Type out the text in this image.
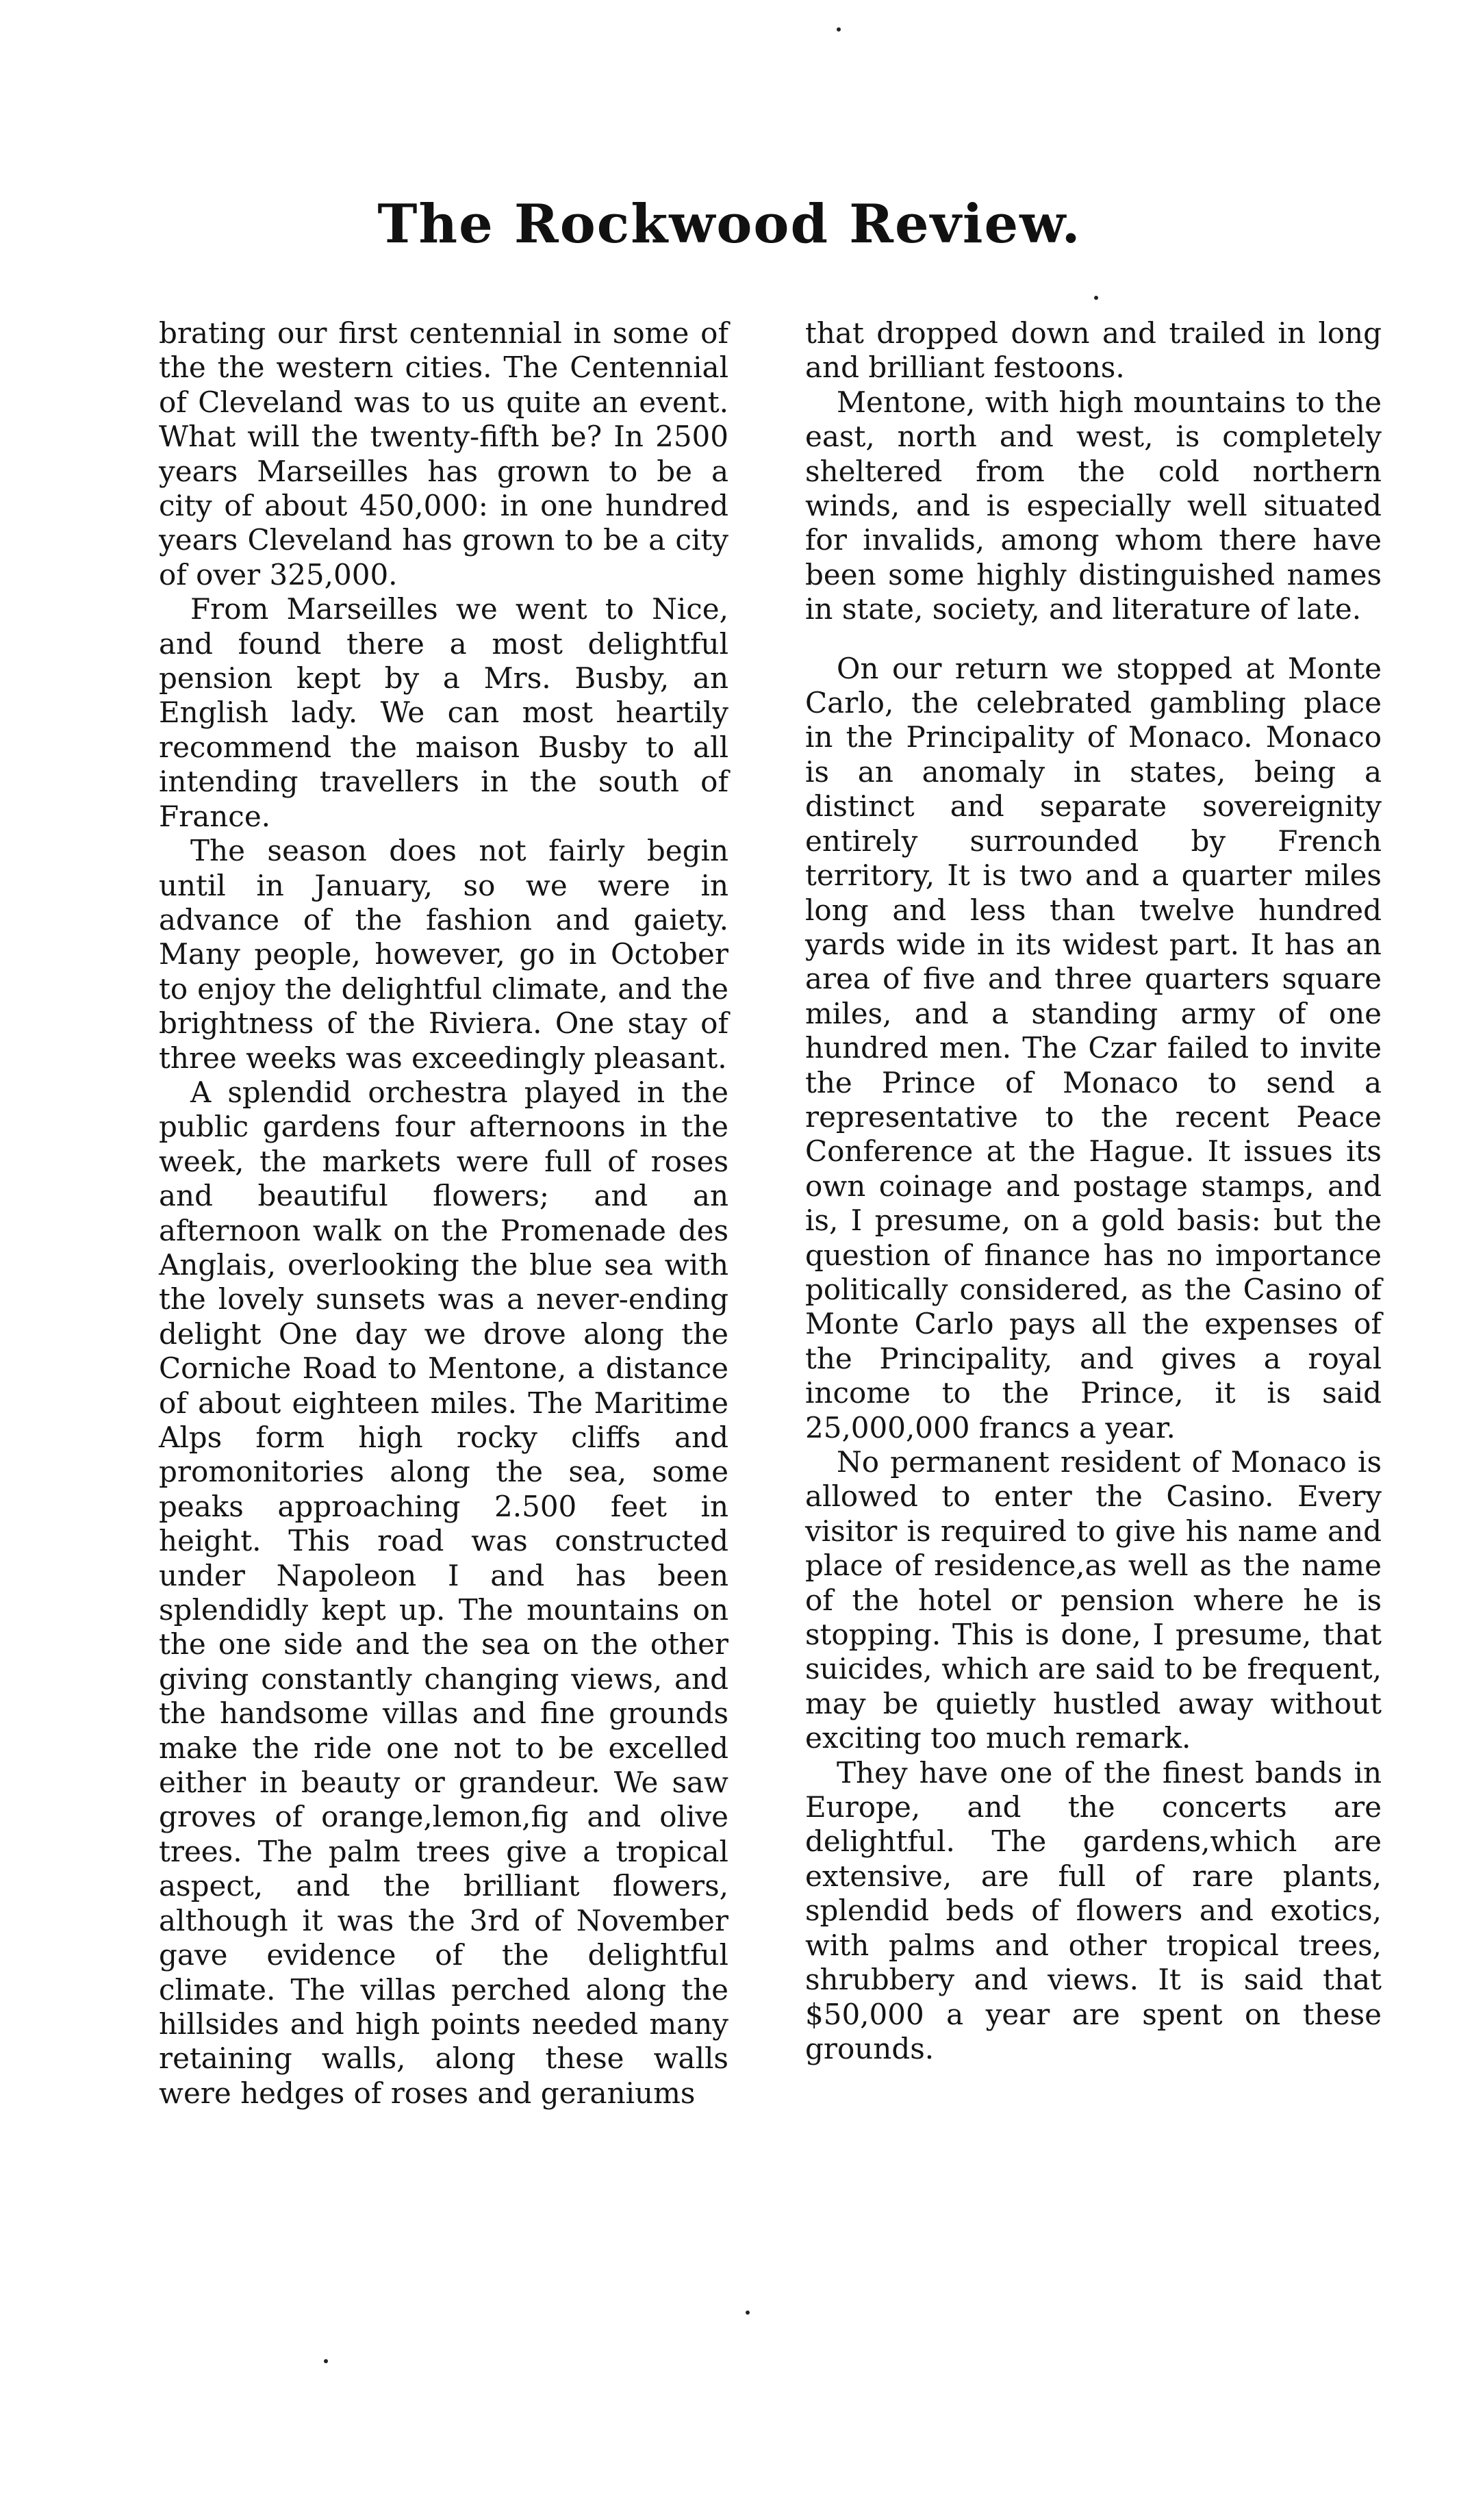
The Rockwood Review.

brating our first centennial in some of the the western cities. The Centennial of Cleveland was to us quite an event. What will the twenty-fifth be? In 2500 years Marseilles has grown to be a city of about 450,000: in one hundred years Cleveland has grown to be a city of over 325,000.

From Marseilles we went to Nice, and found there a most delightful pension kept by a Mrs. Busby, an English lady. We can most heartily recommend the maison Busby to all intending travellers in the south of France.

The season does not fairly begin until in January, so we were in advance of the fashion and gaiety. Many people, however, go in October to enjoy the delightful climate, and the brightness of the Riviera. One stay of three weeks was exceedingly pleasant.

A splendid orchestra played in the public gardens four afternoons in the week, the markets were full of roses and beautiful flowers; and an afternoon walk on the Promenade des Anglais, overlooking the blue sea with the lovely sunsets was a never-ending delight One day we drove along the Corniche Road to Mentone, a distance of about eighteen miles. The Maritime Alps form high rocky cliffs and promonitories along the sea, some peaks approaching 2.500 feet in height. This road was constructed under Napoleon I and has been splendidly kept up. The mountains on the one side and the sea on the other giving constantly changing views, and the handsome villas and fine grounds make the ride one not to be excelled either in beauty or grandeur. We saw groves of orange,lemon,fig and olive trees. The palm trees give a tropical aspect, and the brilliant flowers, although it was the 3rd of November gave evidence of the delightful climate. The villas perched along the hillsides and high points needed many retaining walls, along these walls were hedges of roses and geraniums

that dropped down and trailed in long and brilliant festoons.

Mentone, with high mountains to the east, north and west, is completely sheltered from the cold northern winds, and is especially well situated for invalids, among whom there have been some highly distinguished names in state, society, and literature of late.

On our return we stopped at Monte Carlo, the celebrated gambling place in the Principality of Monaco. Monaco is an anomaly in states, being a distinct and separate sovereignity entirely surrounded by French territory, It is two and a quarter miles long and less than twelve hundred yards wide in its widest part. It has an area of five and three quarters square miles, and a standing army of one hundred men. The Czar failed to invite the Prince of Monaco to send a representative to the recent Peace Conference at the Hague. It issues its own coinage and postage stamps, and is, I presume, on a gold basis: but the question of finance has no importance politically considered, as the Casino of Monte Carlo pays all the expenses of the Principality, and gives a royal income to the Prince, it is said 25,000,000 francs a year.

No permanent resident of Monaco is allowed to enter the Casino. Every visitor is required to give his name and place of residence,as well as the name of the hotel or pension where he is stopping. This is done, I presume, that suicides, which are said to be frequent, may be quietly hustled away without exciting too much remark.

They have one of the finest bands in Europe, and the concerts are delightful. The gardens,which are extensive, are full of rare plants, splendid beds of flowers and exotics, with palms and other tropical trees, shrubbery and views. It is said that $50,000 a year are spent on these grounds.
